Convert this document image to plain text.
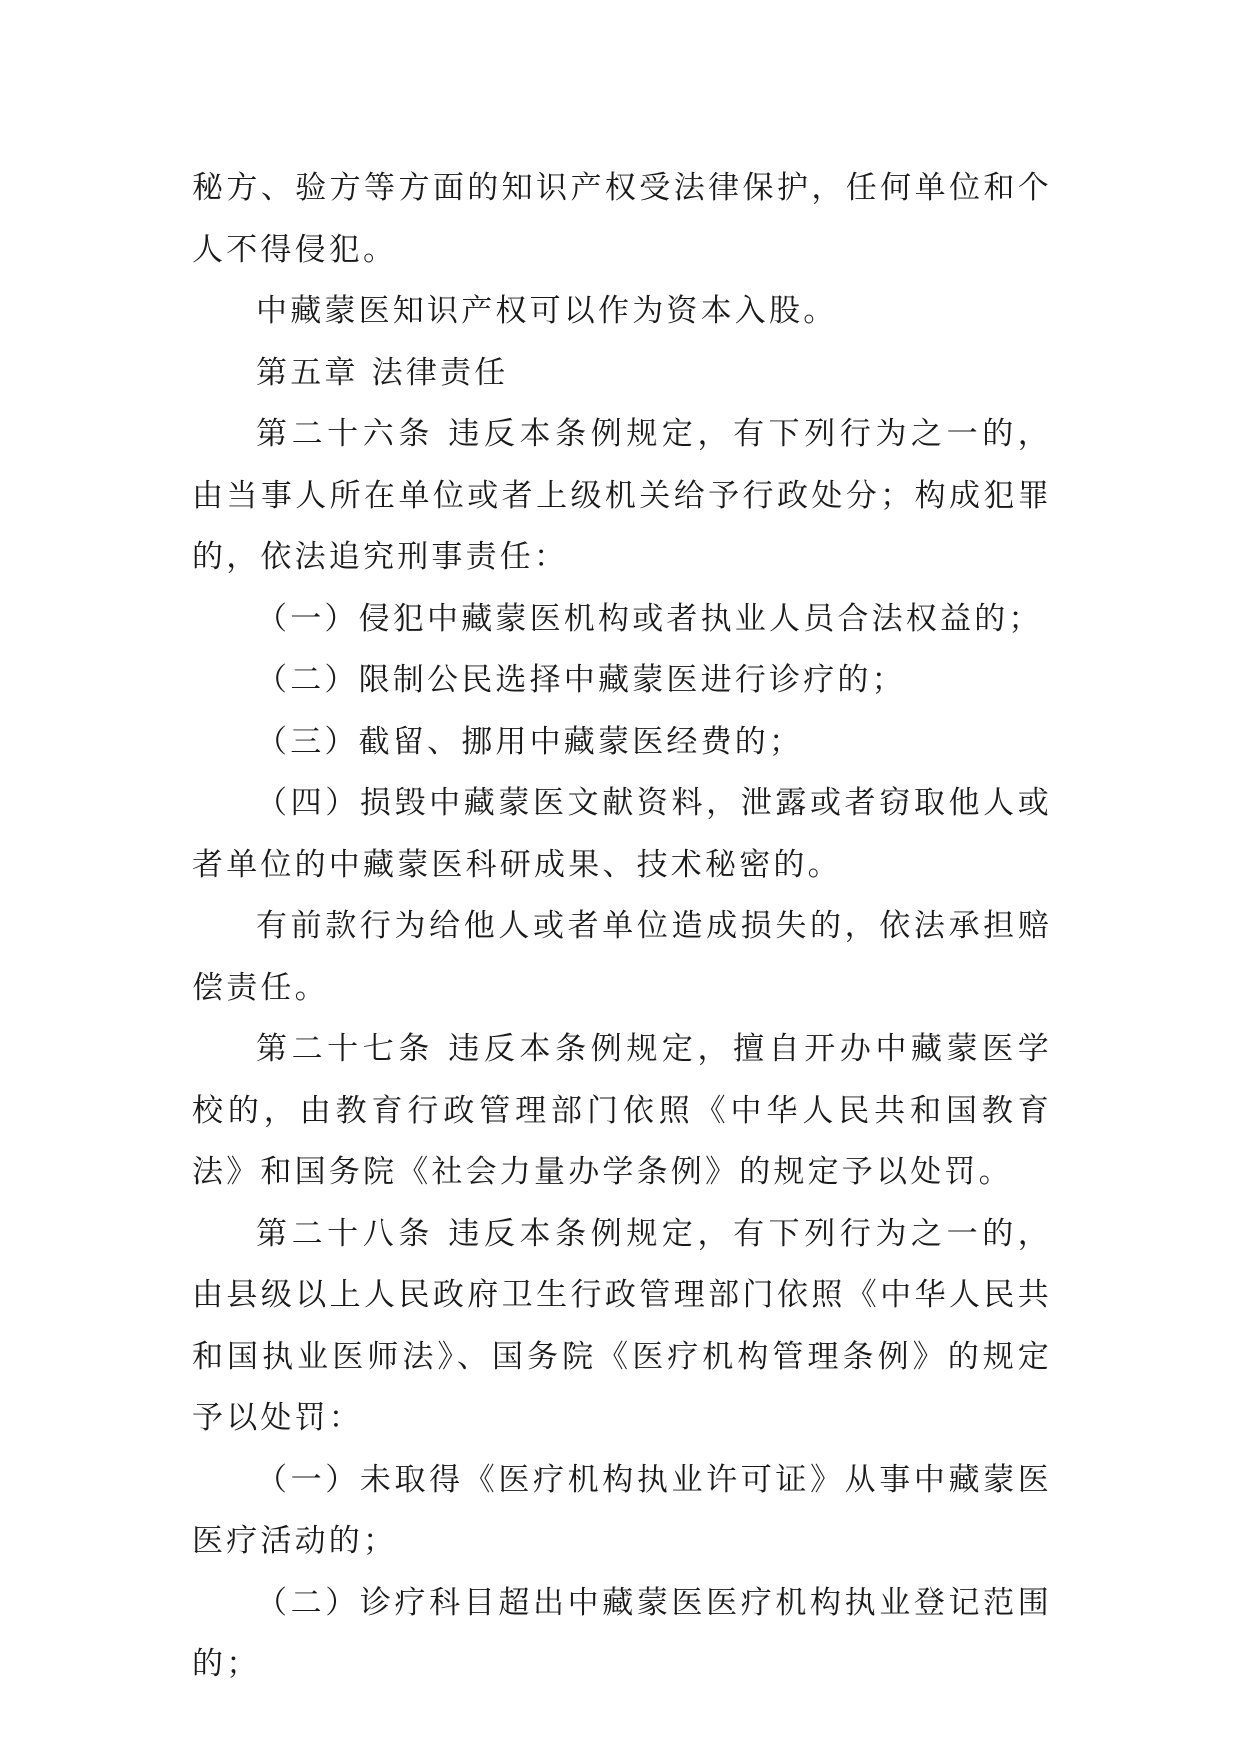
秘方、验方等方面的知识产权受法律保护，任何单位和个人不得侵犯。

中藏蒙医知识产权可以作为资本入股。

第五章 法律责任

第二十六条 违反本条例规定，有下列行为之一的，由当事人所在单位或者上级机关给予行政处分；构成犯罪的，依法追究刑事责任：

（一）侵犯中藏蒙医机构或者执业人员合法权益的；

（二）限制公民选择中藏蒙医进行诊疗的；

（三）截留、挪用中藏蒙医经费的；

（四）损毁中藏蒙医文献资料，泄露或者窃取他人或者单位的中藏蒙医科研成果、技术秘密的。

有前款行为给他人或者单位造成损失的，依法承担赔偿责任。

第二十七条 违反本条例规定，擅自开办中藏蒙医学校的，由教育行政管理部门依照《中华人民共和国教育法》和国务院《社会力量办学条例》的规定予以处罚。

第二十八条 违反本条例规定，有下列行为之一的，由县级以上人民政府卫生行政管理部门依照《中华人民共和国执业医师法》、国务院《医疗机构管理条例》的规定予以处罚：

（一）未取得《医疗机构执业许可证》从事中藏蒙医医疗活动的；

（二）诊疗科目超出中藏蒙医医疗机构执业登记范围的；
